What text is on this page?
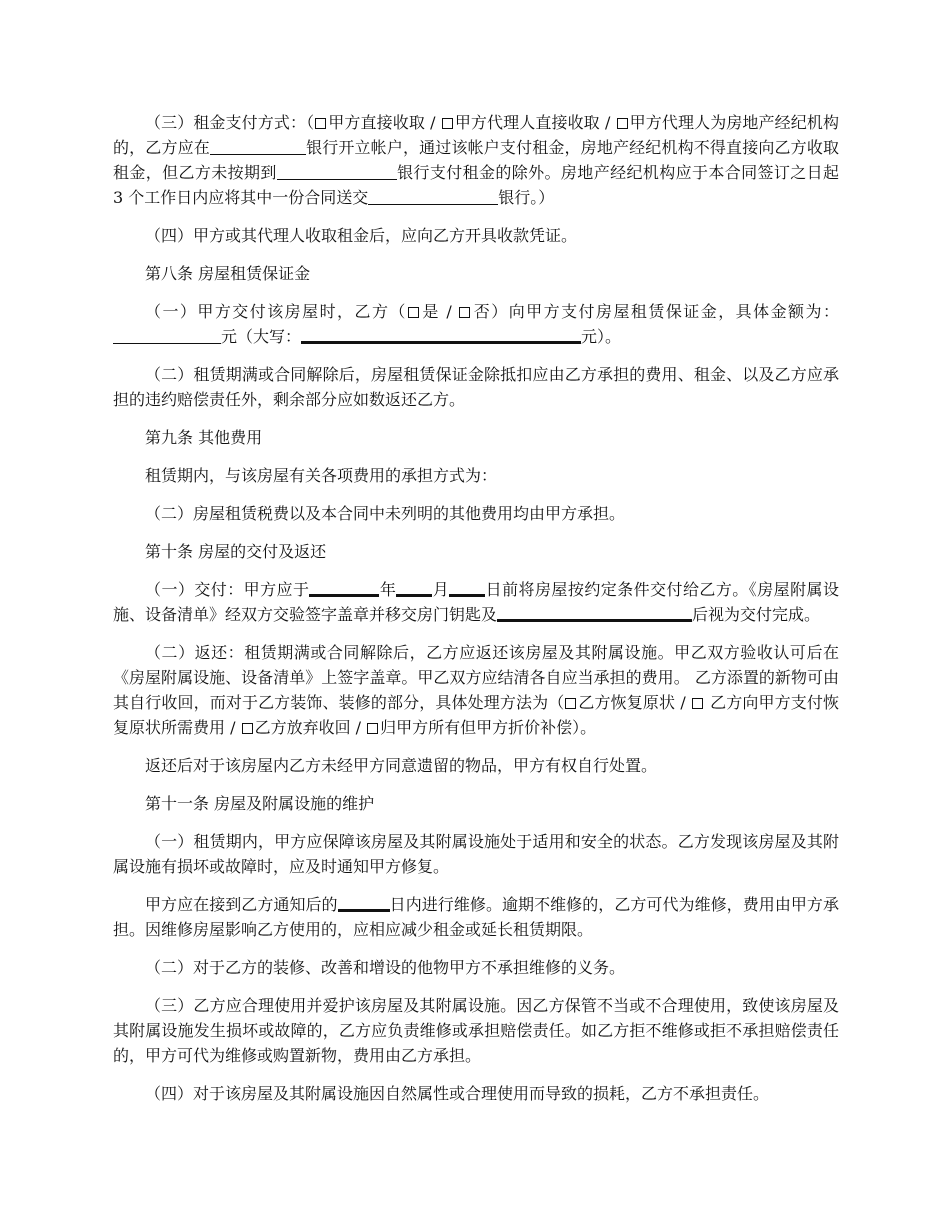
（三）租金支付方式：（ 甲方直接收取 / 甲方代理人直接收取 / 甲方代理人为房地产经纪机构的，乙方应在	银行开立帐户，通过该帐户支付租金，房地产经纪机构不得直接向乙方收取租金，但乙方未按期到	银行支付租金的除外。房地产经纪机构应于本合同签订之日起 3 个工作日内应将其中一份合同送交	银行。）

（四）甲方或其代理人收取租金后，应向乙方开具收款凭证。

第八条 房屋租赁保证金

（一）甲方交付该房屋时，乙方（ 是 / 否）向甲方支付房屋租赁保证金，具体金额为：元（大写：	元）。

（二）租赁期满或合同解除后，房屋租赁保证金除抵扣应由乙方承担的费用、租金、以及乙方应承担的违约赔偿责任外，剩余部分应如数返还乙方。

第九条 其他费用

租赁期内，与该房屋有关各项费用的承担方式为：

（二）房屋租赁税费以及本合同中未列明的其他费用均由甲方承担。

第十条 房屋的交付及返还

（一）交付：甲方应于	年 月 日前将房屋按约定条件交付给乙方。《房屋附属设施、设备清单》经双方交验签字盖章并移交房门钥匙及	后视为交付完成。

（二）返还：租赁期满或合同解除后，乙方应返还该房屋及其附属设施。甲乙双方验收认可后在《房屋附属设施、设备清单》上签字盖章。甲乙双方应结清各自应当承担的费用。 乙方添置的新物可由其自行收回，而对于乙方装饰、装修的部分，具体处理方法为（ 乙方恢复原状 /  乙方向甲方支付恢复原状所需费用 / 乙方放弃收回 / 归甲方所有但甲方折价补偿）。

返还后对于该房屋内乙方未经甲方同意遗留的物品，甲方有权自行处置。

第十一条 房屋及附属设施的维护

（一）租赁期内，甲方应保障该房屋及其附属设施处于适用和安全的状态。乙方发现该房屋及其附属设施有损坏或故障时，应及时通知甲方修复。

甲方应在接到乙方通知后的	日内进行维修。逾期不维修的，乙方可代为维修，费用由甲方承担。因维修房屋影响乙方使用的，应相应减少租金或延长租赁期限。

（二）对于乙方的装修、改善和增设的他物甲方不承担维修的义务。

（三）乙方应合理使用并爱护该房屋及其附属设施。因乙方保管不当或不合理使用，致使该房屋及其附属设施发生损坏或故障的，乙方应负责维修或承担赔偿责任。如乙方拒不维修或拒不承担赔偿责任的，甲方可代为维修或购置新物，费用由乙方承担。

（四）对于该房屋及其附属设施因自然属性或合理使用而导致的损耗，乙方不承担责任。
